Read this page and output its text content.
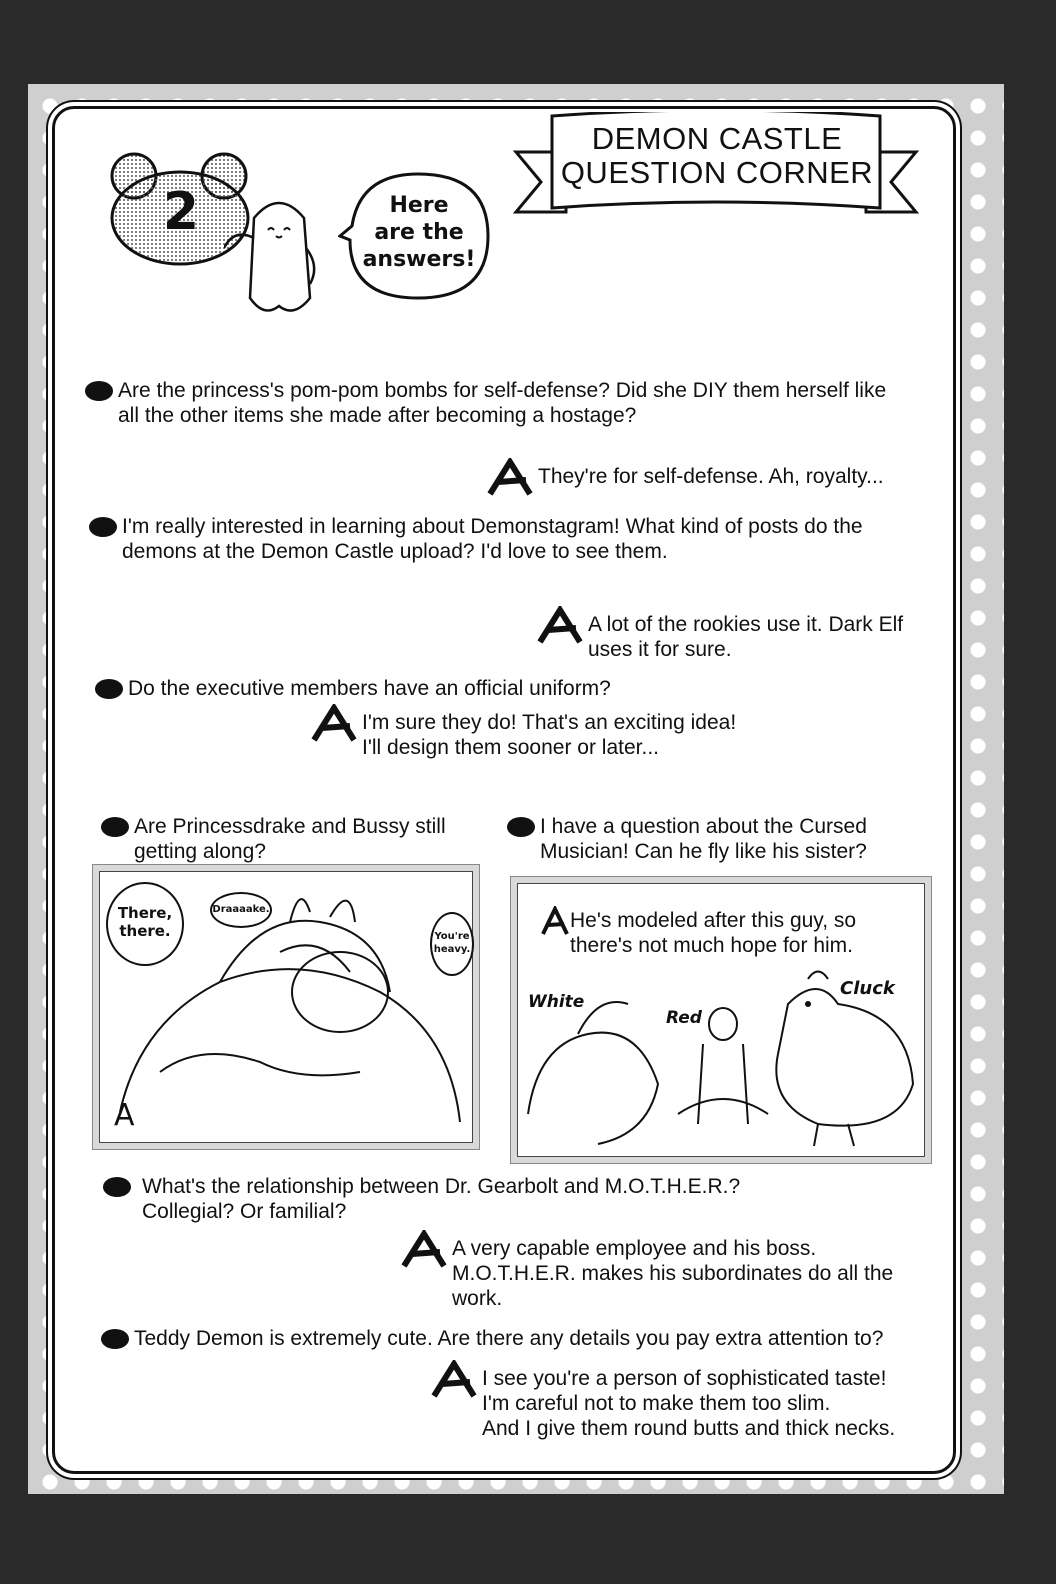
DEMON CASTLE
QUESTION CORNER
2	Here
are the
answers!
Are the princess's pom-pom bombs for self-defense? Did she DIY them herself like
all the other items she made after becoming a hostage?
They're for self-defense. Ah, royalty...
I'm really interested in learning about Demonstagram! What kind of posts do the
demons at the Demon Castle upload? I'd love to see them.
A lot of the rookies use it. Dark Elf
uses it for sure.
Do the executive members have an official uniform?
I'm sure they do! That's an exciting idea!
I'll design them sooner or later...
Are Princessdrake and Bussy still
getting along?
I have a question about the Cursed
Musician! Can he fly like his sister?
There,
there.
Draaaake.
You're
heavy.
A
He's modeled after this guy, so
there's not much hope for him.
White
Red
Cluck
What's the relationship between Dr. Gearbolt and M.O.T.H.E.R.?
Collegial? Or familial?
A very capable employee and his boss.
M.O.T.H.E.R. makes his subordinates do all the
work.
Teddy Demon is extremely cute. Are there any details you pay extra attention to?
I see you're a person of sophisticated taste!
I'm careful not to make them too slim.
And I give them round butts and thick necks.
